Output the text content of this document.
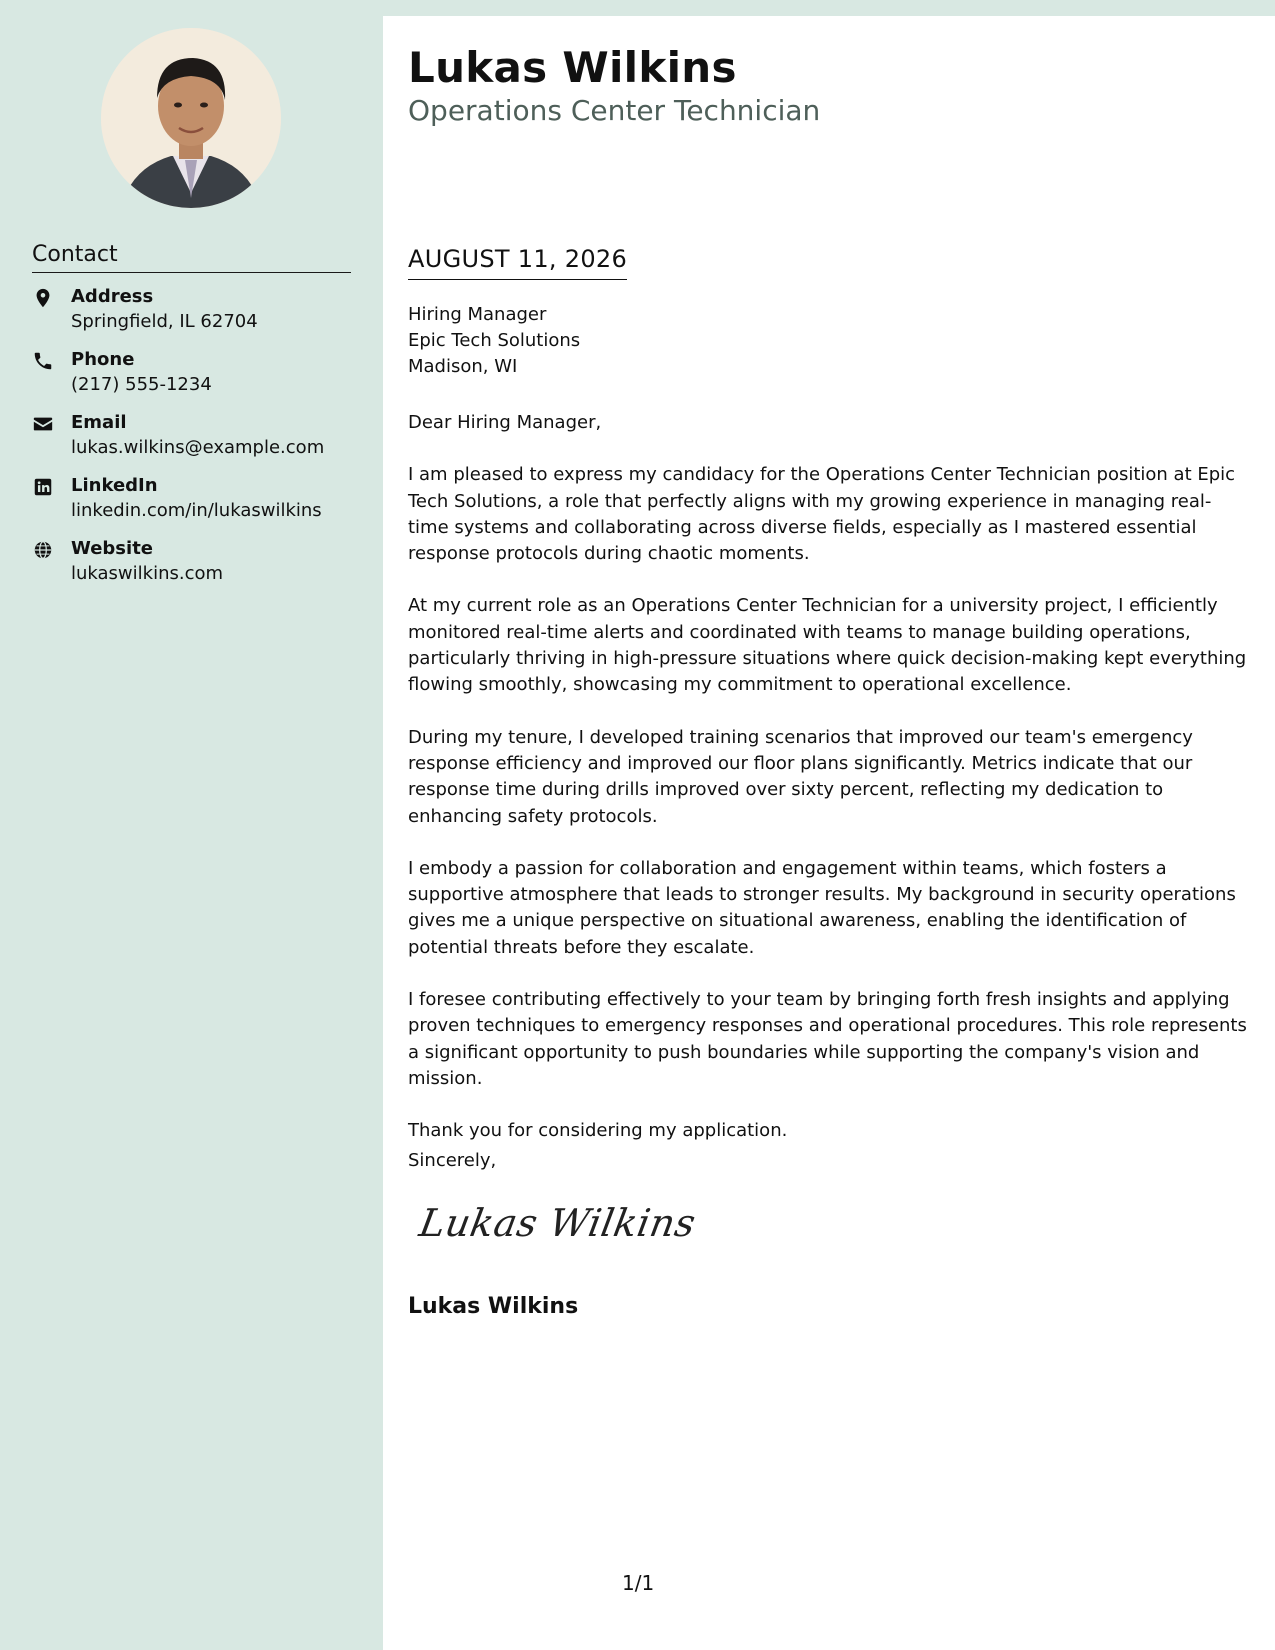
Contact
Address
Springfield, IL 62704
Phone
(217) 555-1234
Email
lukas.wilkins@example.com
LinkedIn
linkedin.com/in/lukaswilkins
Website
lukaswilkins.com
Lukas Wilkins
Operations Center Technician
AUGUST 11, 2026
Hiring Manager
Epic Tech Solutions
Madison, WI

Dear Hiring Manager,

I am pleased to express my candidacy for the Operations Center Technician position at Epic Tech Solutions, a role that perfectly aligns with my growing experience in managing real-time systems and collaborating across diverse fields, especially as I mastered essential response protocols during chaotic moments.

At my current role as an Operations Center Technician for a university project, I efficiently monitored real-time alerts and coordinated with teams to manage building operations, particularly thriving in high-pressure situations where quick decision-making kept everything flowing smoothly, showcasing my commitment to operational excellence.

During my tenure, I developed training scenarios that improved our team's emergency response efficiency and improved our floor plans significantly. Metrics indicate that our response time during drills improved over sixty percent, reflecting my dedication to enhancing safety protocols.

I embody a passion for collaboration and engagement within teams, which fosters a supportive atmosphere that leads to stronger results. My background in security operations gives me a unique perspective on situational awareness, enabling the identification of potential threats before they escalate.

I foresee contributing effectively to your team by bringing forth fresh insights and applying proven techniques to emergency responses and operational procedures. This role represents a significant opportunity to push boundaries while supporting the company's vision and mission.

Thank you for considering my application.

Sincerely,
Lukas Wilkins
Lukas Wilkins
1/1
